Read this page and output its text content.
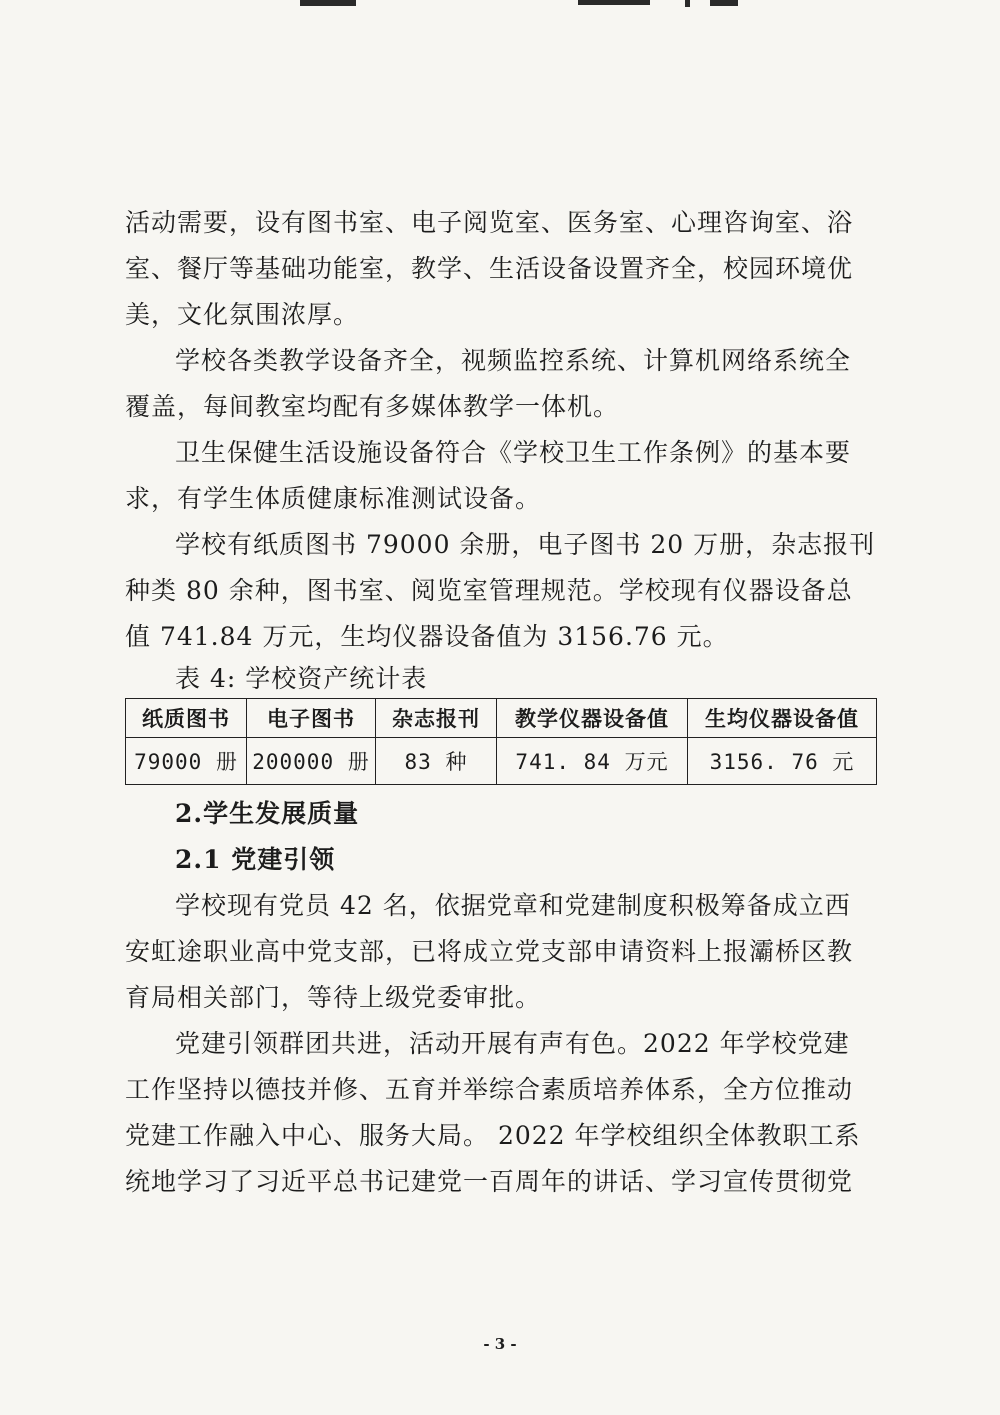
活动需要，设有图书室、电子阅览室、医务室、心理咨询室、浴
室、餐厅等基础功能室，教学、生活设备设置齐全，校园环境优
美，文化氛围浓厚。
学校各类教学设备齐全，视频监控系统、计算机网络系统全
覆盖，每间教室均配有多媒体教学一体机。
卫生保健生活设施设备符合《学校卫生工作条例》的基本要
求，有学生体质健康标准测试设备。
学校有纸质图书 79000 余册，电子图书 20 万册，杂志报刊
种类 80 余种，图书室、阅览室管理规范。学校现有仪器设备总
值 741.84 万元，生均仪器设备值为 3156.76 元。
表 4: 学校资产统计表
纸质图书	电子图书	杂志报刊	教学仪器设备值	生均仪器设备值
79000 册	200000 册	83 种	741. 84 万元	3156. 76 元
2.学生发展质量
2.1 党建引领
学校现有党员 42 名，依据党章和党建制度积极筹备成立西
安虹途职业高中党支部，已将成立党支部申请资料上报灞桥区教
育局相关部门，等待上级党委审批。
党建引领群团共进，活动开展有声有色。2022 年学校党建
工作坚持以德技并修、五育并举综合素质培养体系，全方位推动
党建工作融入中心、服务大局。 2022 年学校组织全体教职工系
统地学习了习近平总书记建党一百周年的讲话、学习宣传贯彻党
- 3 -
